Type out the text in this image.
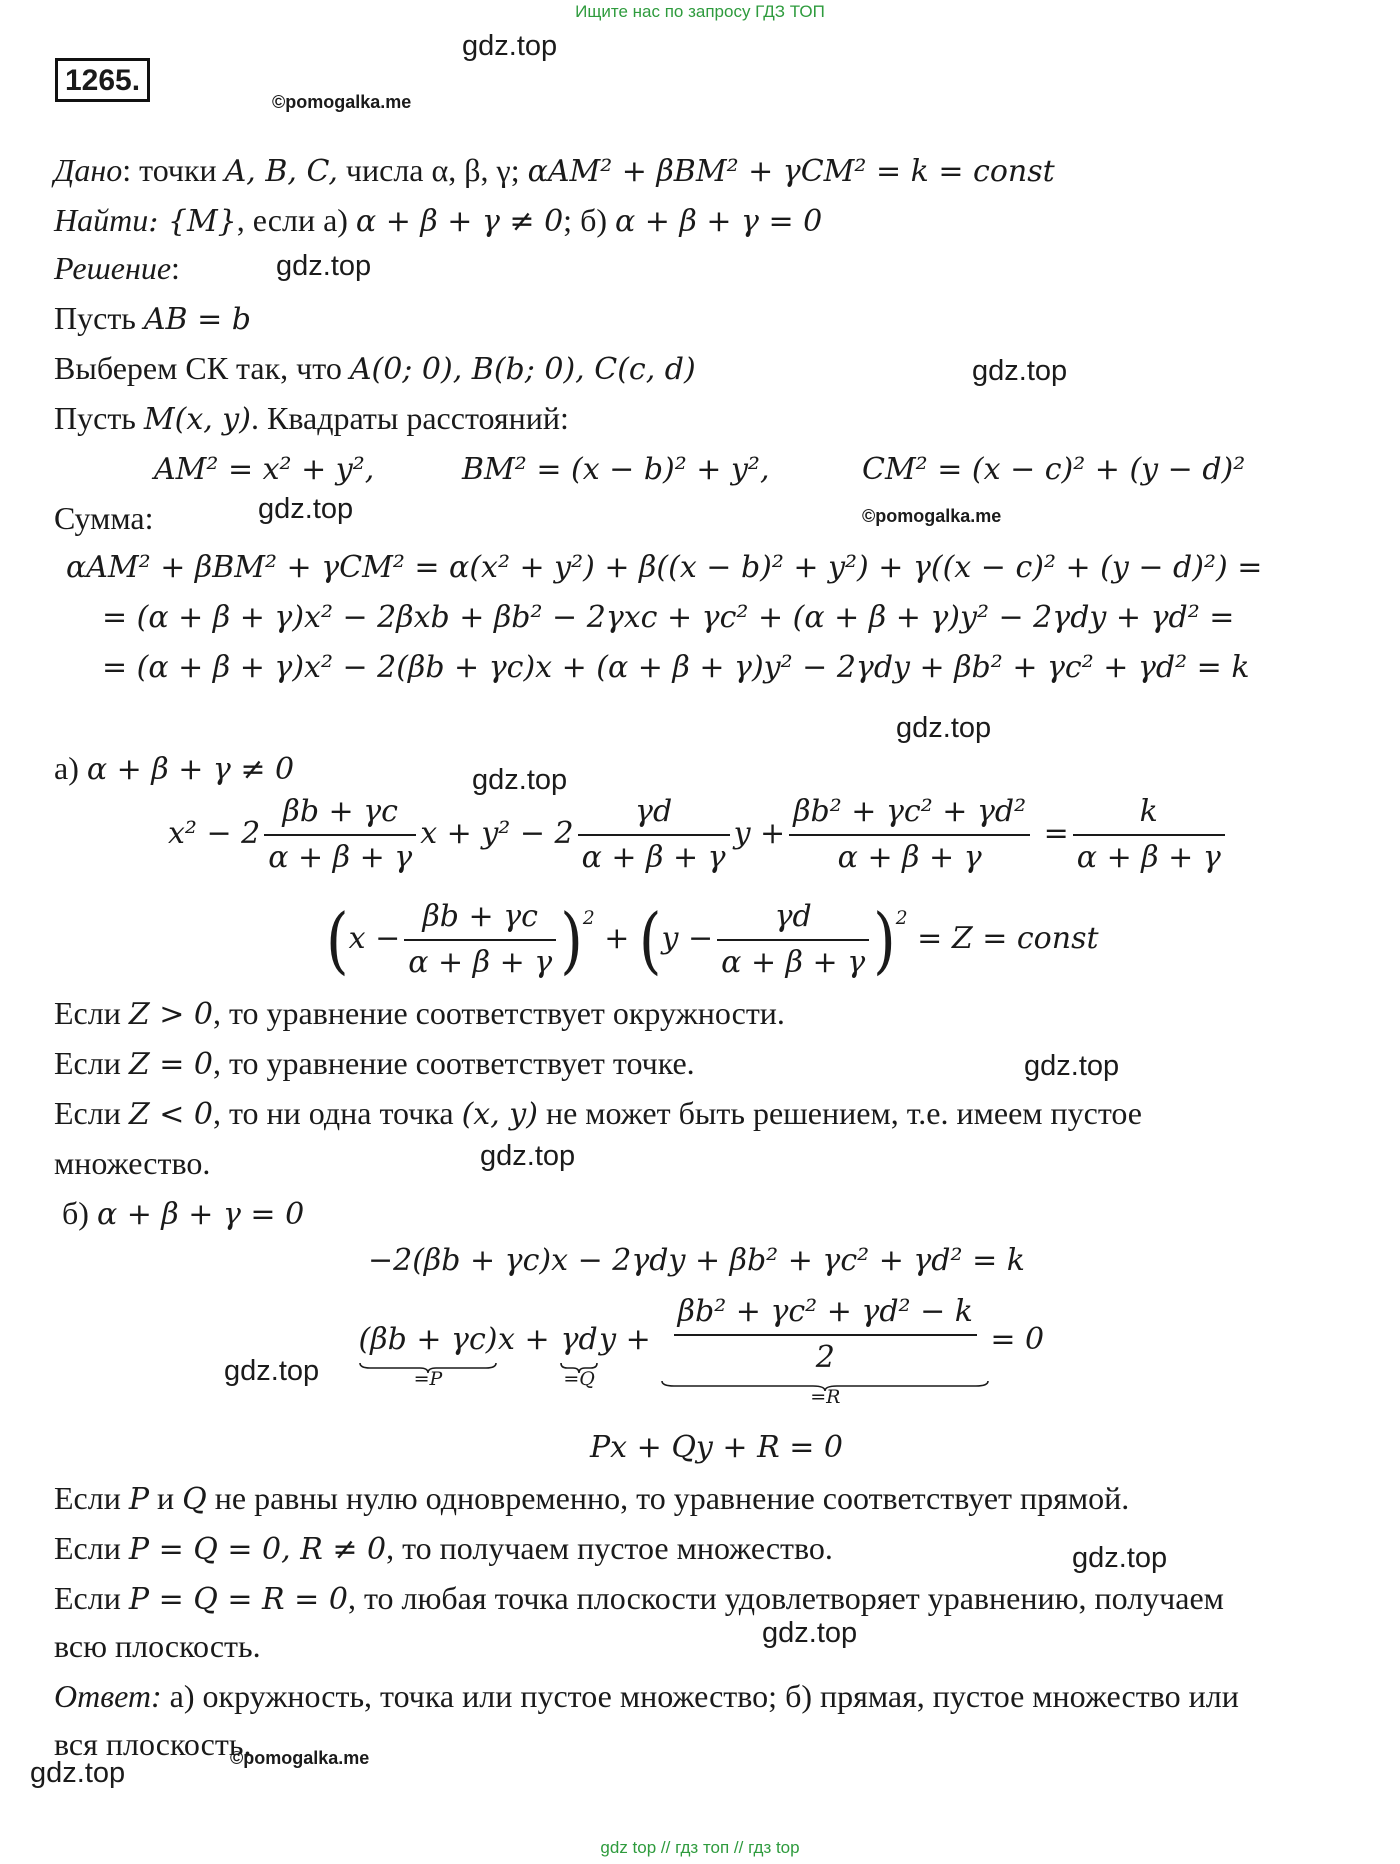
Ищите нас по запросу ГДЗ ТОП
1265.
gdz.top
©pomogalka.me
gdz.top
gdz.top
gdz.top	©pomogalka.me
gdz.top
gdz.top
gdz.top
gdz.top
gdz.top
gdz.top
gdz.top
gdz.top	©pomogalka.me
Дано: точки A, B, C, числа α, β, γ; αAM² + βBM² + γCM² = k = const
Найти: {M}, если а) α + β + γ ≠ 0; б) α + β + γ = 0
Решение:
Пусть AB = b
Выберем СК так, что A(0; 0), B(b; 0), C(c, d)
Пусть M(x, y). Квадраты расстояний:
AM² = x² + y²,	BM² = (x − b)² + y²,	CM² = (x − c)² + (y − d)²
Сумма:
αAM² + βBM² + γCM² = α(x² + y²) + β((x − b)² + y²) + γ((x − c)² + (y − d)²) =
= (α + β + γ)x² − 2βxb + βb² − 2γxc + γc² + (α + β + γ)y² − 2γdy + γd² =
= (α + β + γ)x² − 2(βb + γc)x + (α + β + γ)y² − 2γdy + βb² + γc² + γd² = k
а) α + β + γ ≠ 0
$x^2 - 2 \frac{\beta b + \gamma c}{\alpha + \beta + \gamma}$ $x + y^2 - 2 \frac{\gamma d}{\alpha + \beta + \gamma}$ $y + \frac{\text{βb² + γc² + γd²}}{\alpha + \beta + \gamma} = \frac{k}{\alpha + \beta + \gamma}$
$(x - \frac{\beta b + \gamma c}{\alpha + \beta + \gamma} )^2 + (y - \frac{\gamma d}{\alpha + \beta + \gamma} )^2 = Z$ = const
Если Z > 0, то уравнение соответствует окружности.
Если Z = 0, то уравнение соответствует точке.
Если Z < 0, то ни одна точка (x, y) не может быть решением, т.е. имеем пустое
множество.
б) α + β + γ = 0
−2(βb + γc)x − 2γdy + βb² + γc² + γd² = k
(βb + γc)
=P
x + γd
=Q
$y + \frac{\text{βb² + γc² + γd² − k}}{2}$
=R
= 0
Px + Qy + R = 0
Если P и Q не равны нулю одновременно, то уравнение соответствует прямой.
Если P = Q = 0, R ≠ 0, то получаем пустое множество.
Если P = Q = R = 0, то любая точка плоскости удовлетворяет уравнению, получаем
всю плоскость.
Ответ: а) окружность, точка или пустое множество; б) прямая, пустое множество или
вся плоскость.
gdz top // гдз топ // гдз top
